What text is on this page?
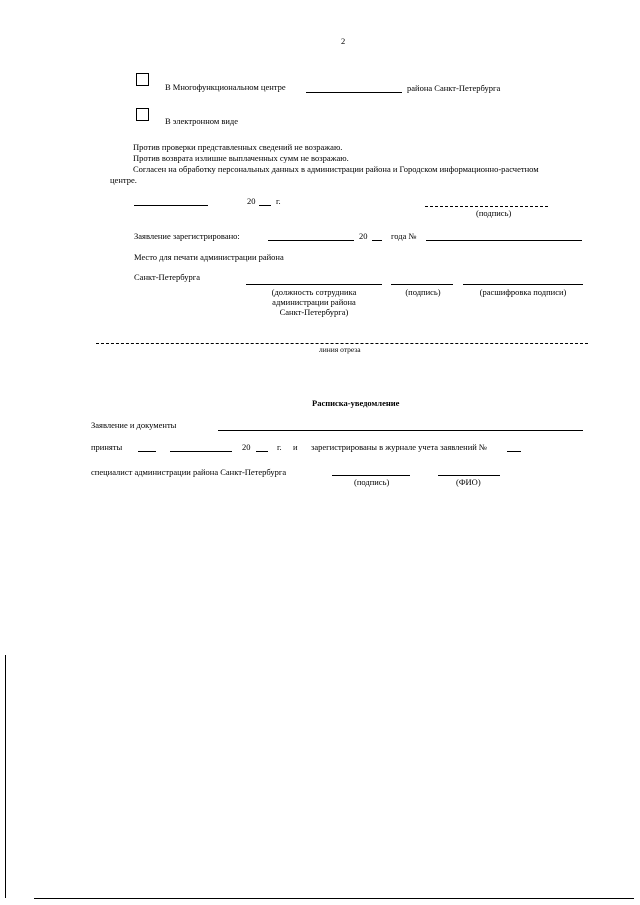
2
В Многофункциональном центре	района Санкт-Петербурга
В электронном виде
Против проверки представленных сведений не возражаю.
Против возврата излишне выплаченных сумм не возражаю.
Согласен на обработку персональных данных в администрации района и Городском информационно-расчетном
центре.
20 г.
(подпись)
Заявление зарегистрировано:	20	года №
Место для печати администрации района
Санкт-Петербурга
(должность сотрудника
администрации района
Санкт-Петербурга)
(подпись)	(расшифровка подписи)
линия отреза
Расписка-уведомление
Заявление и документы
приняты	20	г. и зарегистрированы в журнале учета заявлений №
специалист администрации района Санкт-Петербурга
(подпись)	(ФИО)
